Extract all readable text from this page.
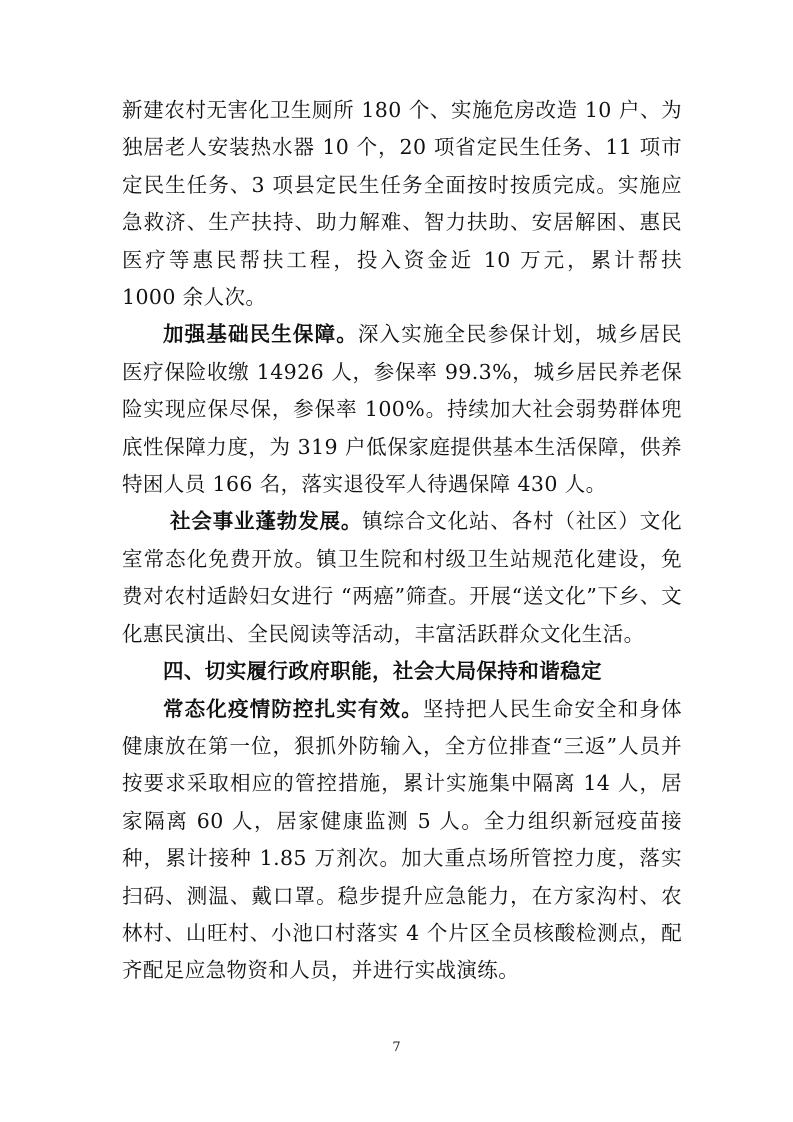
新建农村无害化卫生厕所 180 个、实施危房改造 10 户、为独居老人安装热水器 10 个，20 项省定民生任务、11 项市定民生任务、3 项县定民生任务全面按时按质完成。实施应急救济、生产扶持、助力解难、智力扶助、安居解困、惠民医疗等惠民帮扶工程，投入资金近 10 万元，累计帮扶 1000 余人次。

加强基础民生保障。深入实施全民参保计划，城乡居民医疗保险收缴 14926 人，参保率 99.3%，城乡居民养老保险实现应保尽保，参保率 100%。持续加大社会弱势群体兜底性保障力度，为 319 户低保家庭提供基本生活保障，供养特困人员 166 名，落实退役军人待遇保障 430 人。

社会事业蓬勃发展。镇综合文化站、各村（社区）文化室常态化免费开放。镇卫生院和村级卫生站规范化建设，免费对农村适龄妇女进行 “两癌”筛查。开展“送文化”下乡、文化惠民演出、全民阅读等活动，丰富活跃群众文化生活。

四、切实履行政府职能，社会大局保持和谐稳定

常态化疫情防控扎实有效。坚持把人民生命安全和身体健康放在第一位，狠抓外防输入，全方位排查“三返”人员并按要求采取相应的管控措施，累计实施集中隔离 14 人，居家隔离 60 人，居家健康监测 5 人。全力组织新冠疫苗接种，累计接种 1.85 万剂次。加大重点场所管控力度，落实扫码、测温、戴口罩。稳步提升应急能力，在方家沟村、农林村、山旺村、小池口村落实 4 个片区全员核酸检测点，配齐配足应急物资和人员，并进行实战演练。

7
